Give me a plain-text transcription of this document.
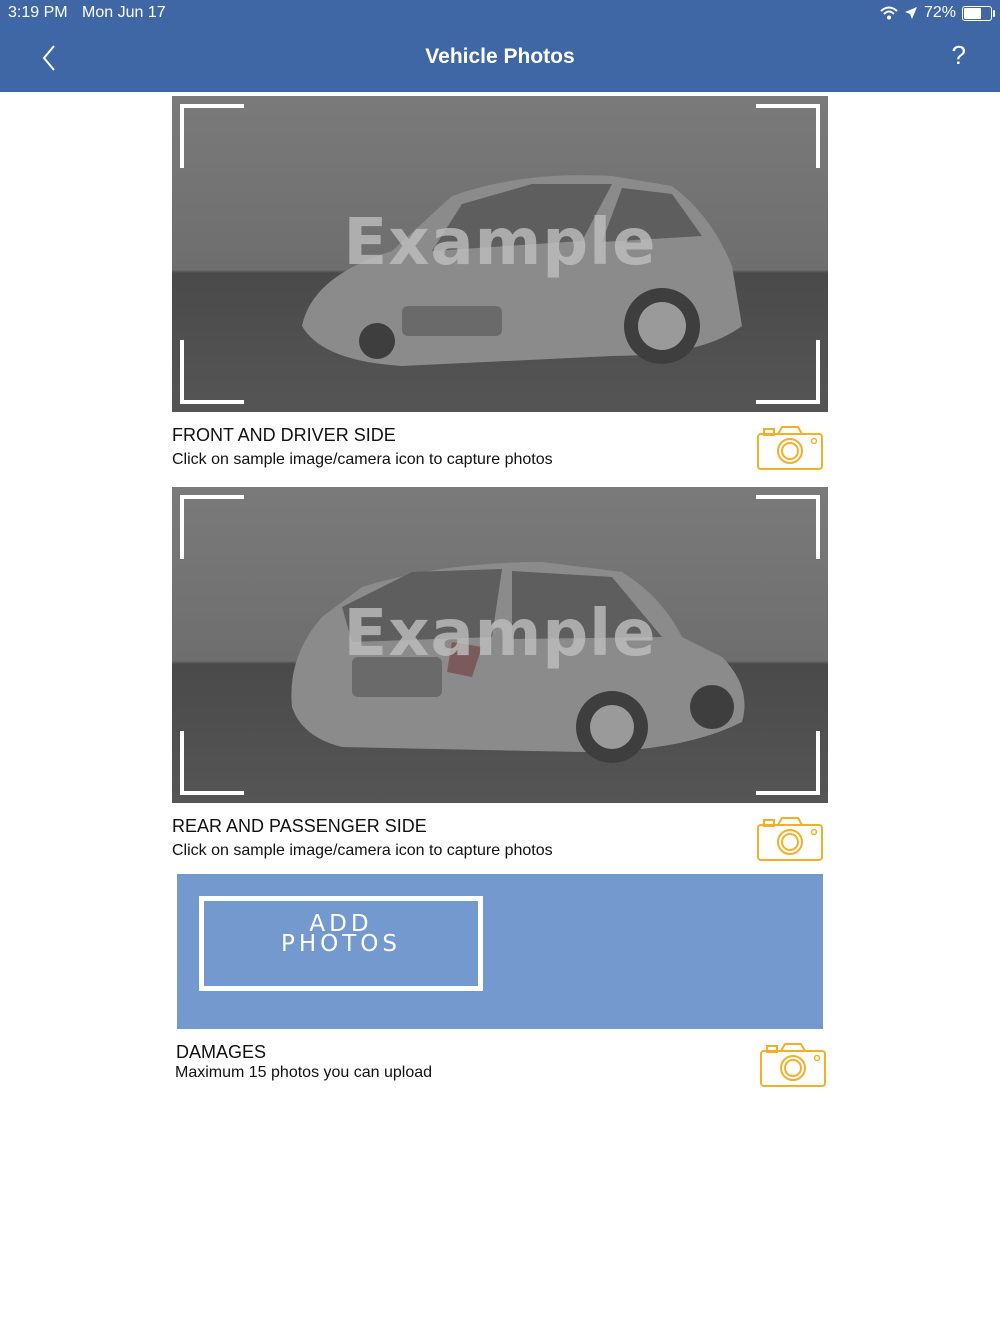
3:19 PM Mon Jun 17	72%
Vehicle Photos	?
Example
FRONT AND DRIVER SIDE
Click on sample image/camera icon to capture photos
Example
REAR AND PASSENGER SIDE
Click on sample image/camera icon to capture photos
ADD
PHOTOS
DAMAGES
Maximum 15 photos you can upload
